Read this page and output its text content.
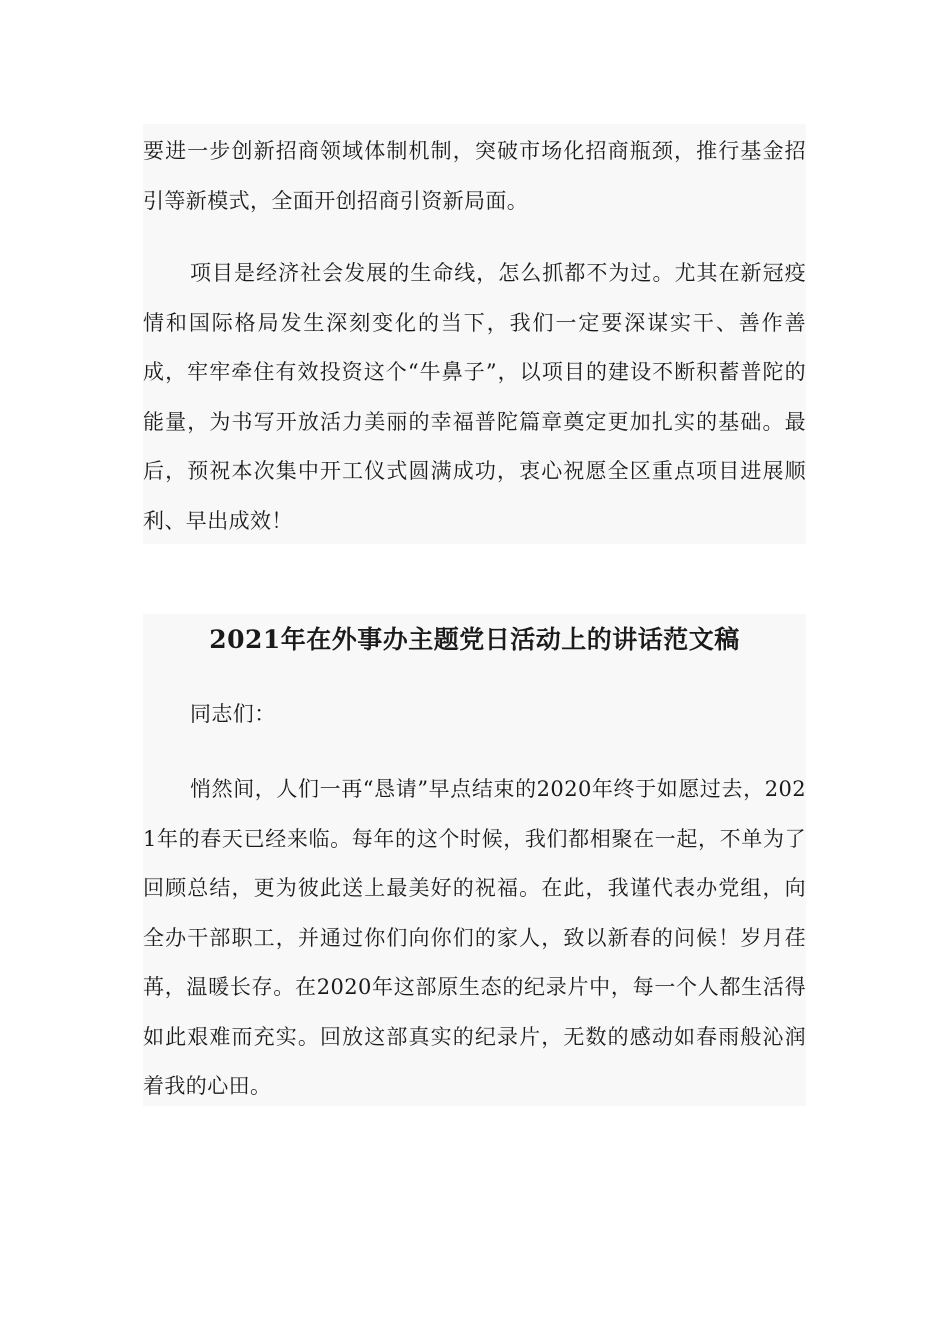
要进一步创新招商领域体制机制，突破市场化招商瓶颈，推行基金招引等新模式，全面开创招商引资新局面。

项目是经济社会发展的生命线，怎么抓都不为过。尤其在新冠疫情和国际格局发生深刻变化的当下，我们一定要深谋实干、善作善成，牢牢牵住有效投资这个“牛鼻子”，以项目的建设不断积蓄普陀的能量，为书写开放活力美丽的幸福普陀篇章奠定更加扎实的基础。最后，预祝本次集中开工仪式圆满成功，衷心祝愿全区重点项目进展顺利、早出成效！

2021年在外事办主题党日活动上的讲话范文稿

同志们：

悄然间，人们一再“恳请”早点结束的2020年终于如愿过去，2021年的春天已经来临。每年的这个时候，我们都相聚在一起，不单为了回顾总结，更为彼此送上最美好的祝福。在此，我谨代表办党组，向全办干部职工，并通过你们向你们的家人，致以新春的问候！岁月荏苒，温暖长存。在2020年这部原生态的纪录片中，每一个人都生活得如此艰难而充实。回放这部真实的纪录片，无数的感动如春雨般沁润着我的心田。
